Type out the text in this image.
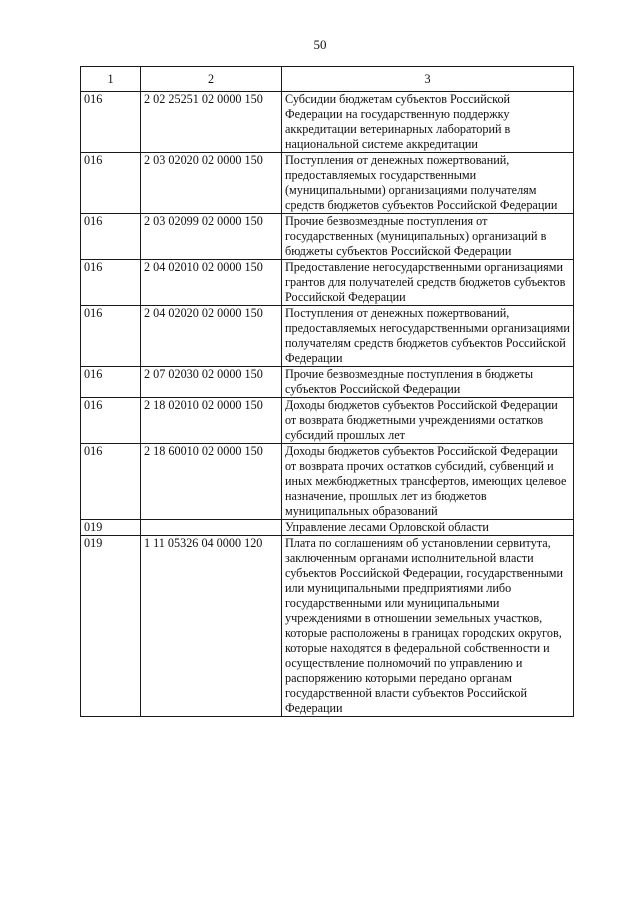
50
1	2	3
016	2 02 25251 02 0000 150	Субсидии бюджетам субъектов Российской Федерации на государственную поддержку аккредитации ветеринарных лабораторий в национальной системе аккредитации
016	2 03 02020 02 0000 150	Поступления от денежных пожертвований, предоставляемых государственными (муниципальными) организациями получателям средств бюджетов субъектов Российской Федерации
016	2 03 02099 02 0000 150	Прочие безвозмездные поступления от государственных (муниципальных) организаций в бюджеты субъектов Российской Федерации
016	2 04 02010 02 0000 150	Предоставление негосударственными организациями грантов для получателей средств бюджетов субъектов Российской Федерации
016	2 04 02020 02 0000 150	Поступления от денежных пожертвований, предоставляемых негосударственными организациями получателям средств бюджетов субъектов Российской Федерации
016	2 07 02030 02 0000 150	Прочие безвозмездные поступления в бюджеты субъектов Российской Федерации
016	2 18 02010 02 0000 150	Доходы бюджетов субъектов Российской Федерации от возврата бюджетными учреждениями остатков субсидий прошлых лет
016	2 18 60010 02 0000 150	Доходы бюджетов субъектов Российской Федерации от возврата прочих остатков субсидий, субвенций и иных межбюджетных трансфертов, имеющих целевое назначение, прошлых лет из бюджетов муниципальных образований
019		Управление лесами Орловской области
019	1 11 05326 04 0000 120	Плата по соглашениям об установлении сервитута, заключенным органами исполнительной власти субъектов Российской Федерации, государственными или муниципальными предприятиями либо государственными или муниципальными учреждениями в отношении земельных участков, которые расположены в границах городских округов, которые находятся в федеральной собственности и осуществление полномочий по управлению и распоряжению которыми передано органам государственной власти субъектов Российской Федерации
